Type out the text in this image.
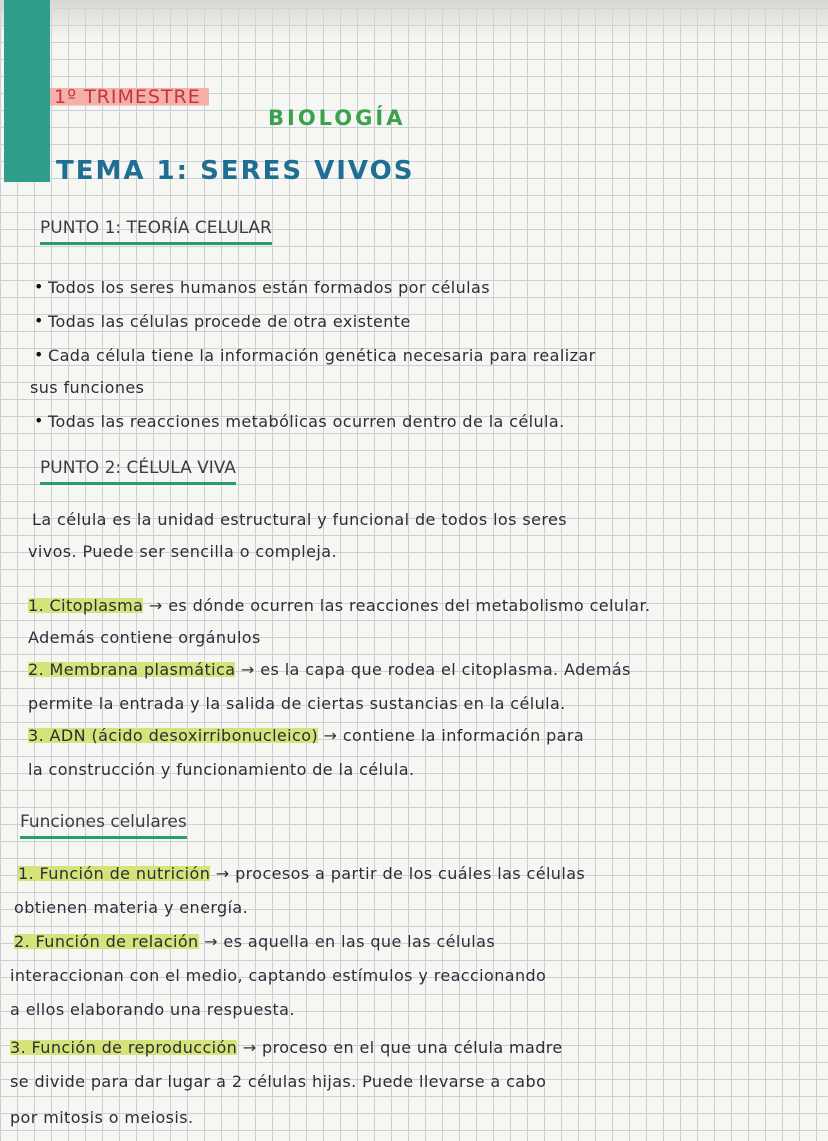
1º TRIMESTRE
BIOLOGÍA
TEMA 1: SERES VIVOS
PUNTO 1: TEORÍA CELULAR
• Todos los seres humanos están formados por células
• Todas las células procede de otra existente
• Cada célula tiene la información genética necesaria para realizar
sus funciones
• Todas las reacciones metabólicas ocurren dentro de la célula.
PUNTO 2: CÉLULA VIVA
La célula es la unidad estructural y funcional de todos los seres
vivos. Puede ser sencilla o compleja.
1. Citoplasma → es dónde ocurren las reacciones del metabolismo celular.
Además contiene orgánulos
2. Membrana plasmática → es la capa que rodea el citoplasma. Además
permite la entrada y la salida de ciertas sustancias en la célula.
3. ADN (ácido desoxirribonucleico) → contiene la información para
la construcción y funcionamiento de la célula.
Funciones celulares
1. Función de nutrición → procesos a partir de los cuáles las células
obtienen materia y energía.
2. Función de relación → es aquella en las que las células
interaccionan con el medio, captando estímulos y reaccionando
a ellos elaborando una respuesta.
3. Función de reproducción → proceso en el que una célula madre
se divide para dar lugar a 2 células hijas. Puede llevarse a cabo
por mitosis o meiosis.
